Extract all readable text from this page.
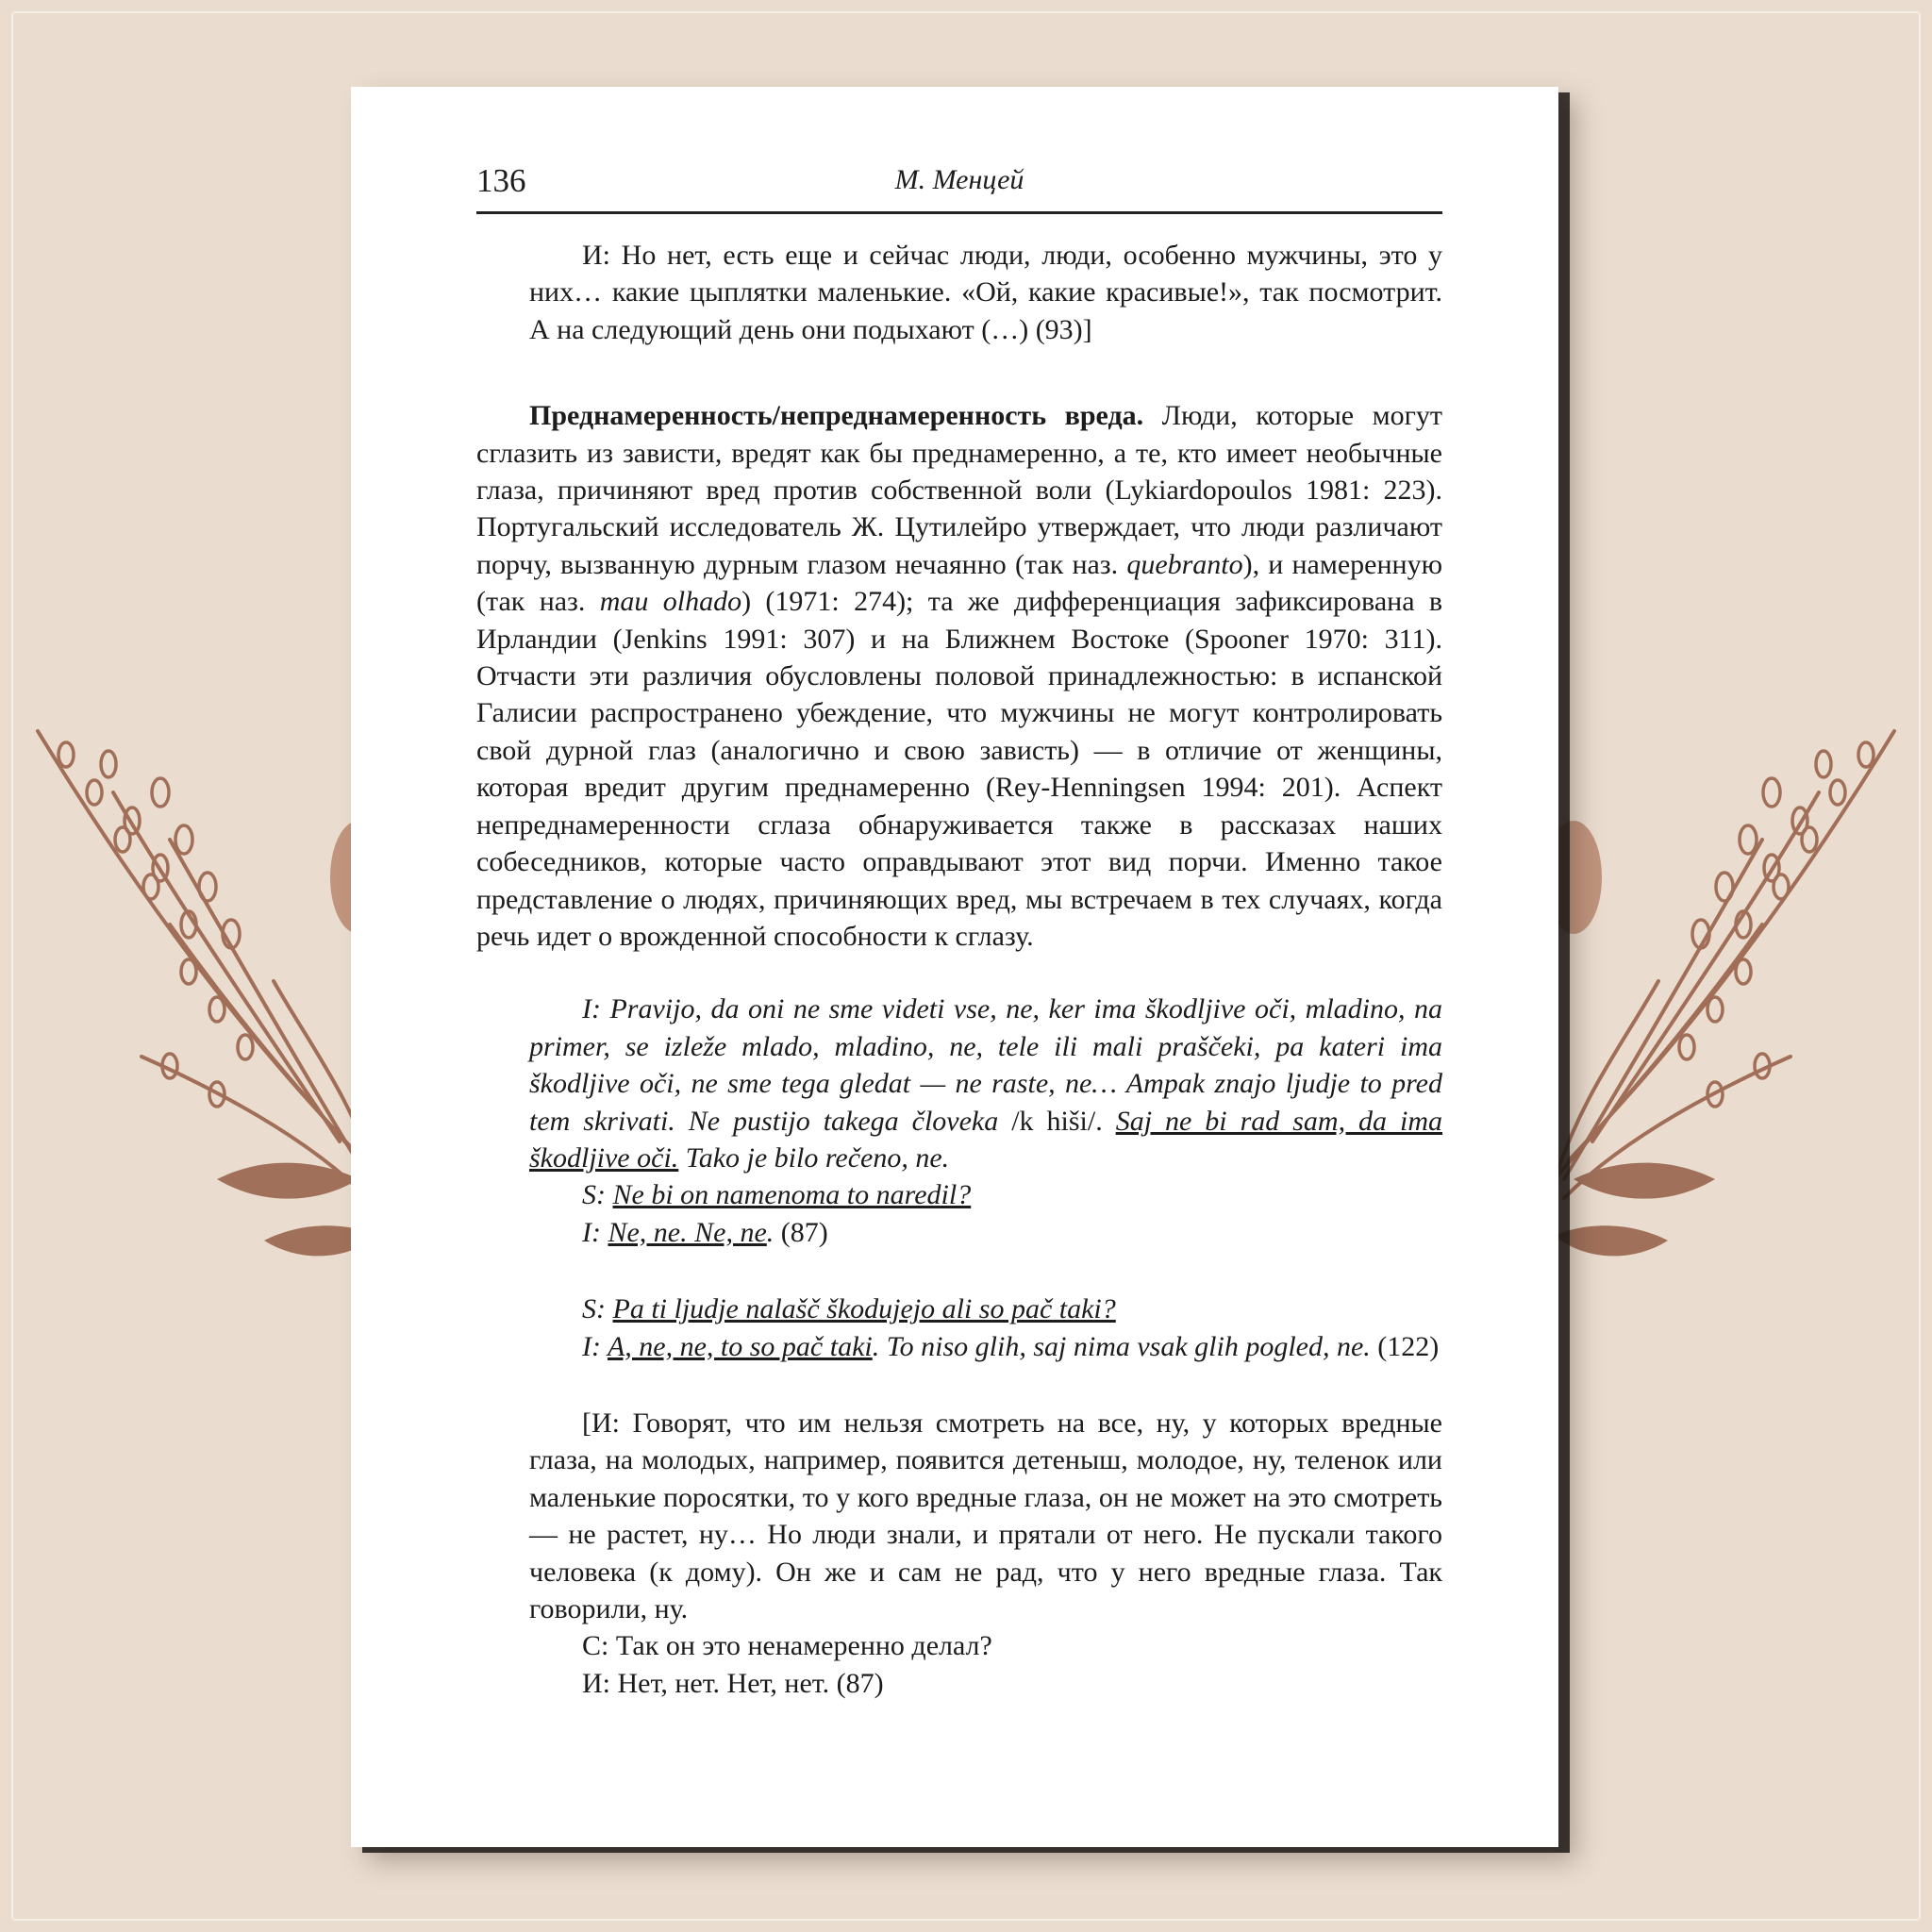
136	М. Менцей

И: Но нет, есть еще и сейчас люди, люди, особенно мужчины, это у них… какие цыплятки маленькие. «Ой, какие красивые!», так посмотрит. А на следующий день они подыхают (…) (93)]

Преднамеренность/непреднамеренность вреда. Люди, которые могут сглазить из зависти, вредят как бы преднамеренно, а те, кто имеет необычные глаза, причиняют вред против собственной воли (Lykiardopoulos 1981: 223). Португальский исследователь Ж. Цутилейро утверждает, что люди различают порчу, вызванную дурным глазом нечаянно (так наз. quebranto), и намеренную (так наз. mau olhado) (1971: 274); та же дифференциация зафиксирована в Ирландии (Jenkins 1991: 307) и на Ближнем Востоке (Spooner 1970: 311). Отчасти эти различия обусловлены половой принадлежностью: в испанской Галисии распространено убеждение, что мужчины не могут контролировать свой дурной глаз (аналогично и свою зависть) — в отличие от женщины, которая вредит другим преднамеренно (Rey-Henningsen 1994: 201). Аспект непреднамеренности сглаза обнаруживается также в рассказах наших собеседников, которые часто оправдывают этот вид порчи. Именно такое представление о людях, причиняющих вред, мы встречаем в тех случаях, когда речь идет о врожденной способности к сглазу.

I: Pravijo, da oni ne sme videti vse, ne, ker ima škodljive oči, mladino, na primer, se izleže mlado, mladino, ne, tele ili mali praščeki, pa kateri ima škodljive oči, ne sme tega gledat — ne raste, ne… Ampak znajo ljudje to pred tem skrivati. Ne pustijo takega človeka /k hiši/. Saj ne bi rad sam, da ima škodljive oči. Tako je bilo rečeno, ne.

S: Ne bi on namenoma to naredil?

I: Ne, ne. Ne, ne. (87)

S: Pa ti ljudje nalašč škodujejo ali so pač taki?

I: A, ne, ne, to so pač taki. To niso glih, saj nima vsak glih pogled, ne. (122)

[И: Говорят, что им нельзя смотреть на все, ну, у которых вредные глаза, на молодых, например, появится детеныш, молодое, ну, теленок или маленькие поросятки, то у кого вредные глаза, он не может на это смотреть — не растет, ну… Но люди знали, и прятали от него. Не пускали такого человека (к дому). Он же и сам не рад, что у него вредные глаза. Так говорили, ну.

С: Так он это ненамеренно делал?

И: Нет, нет. Нет, нет. (87)
